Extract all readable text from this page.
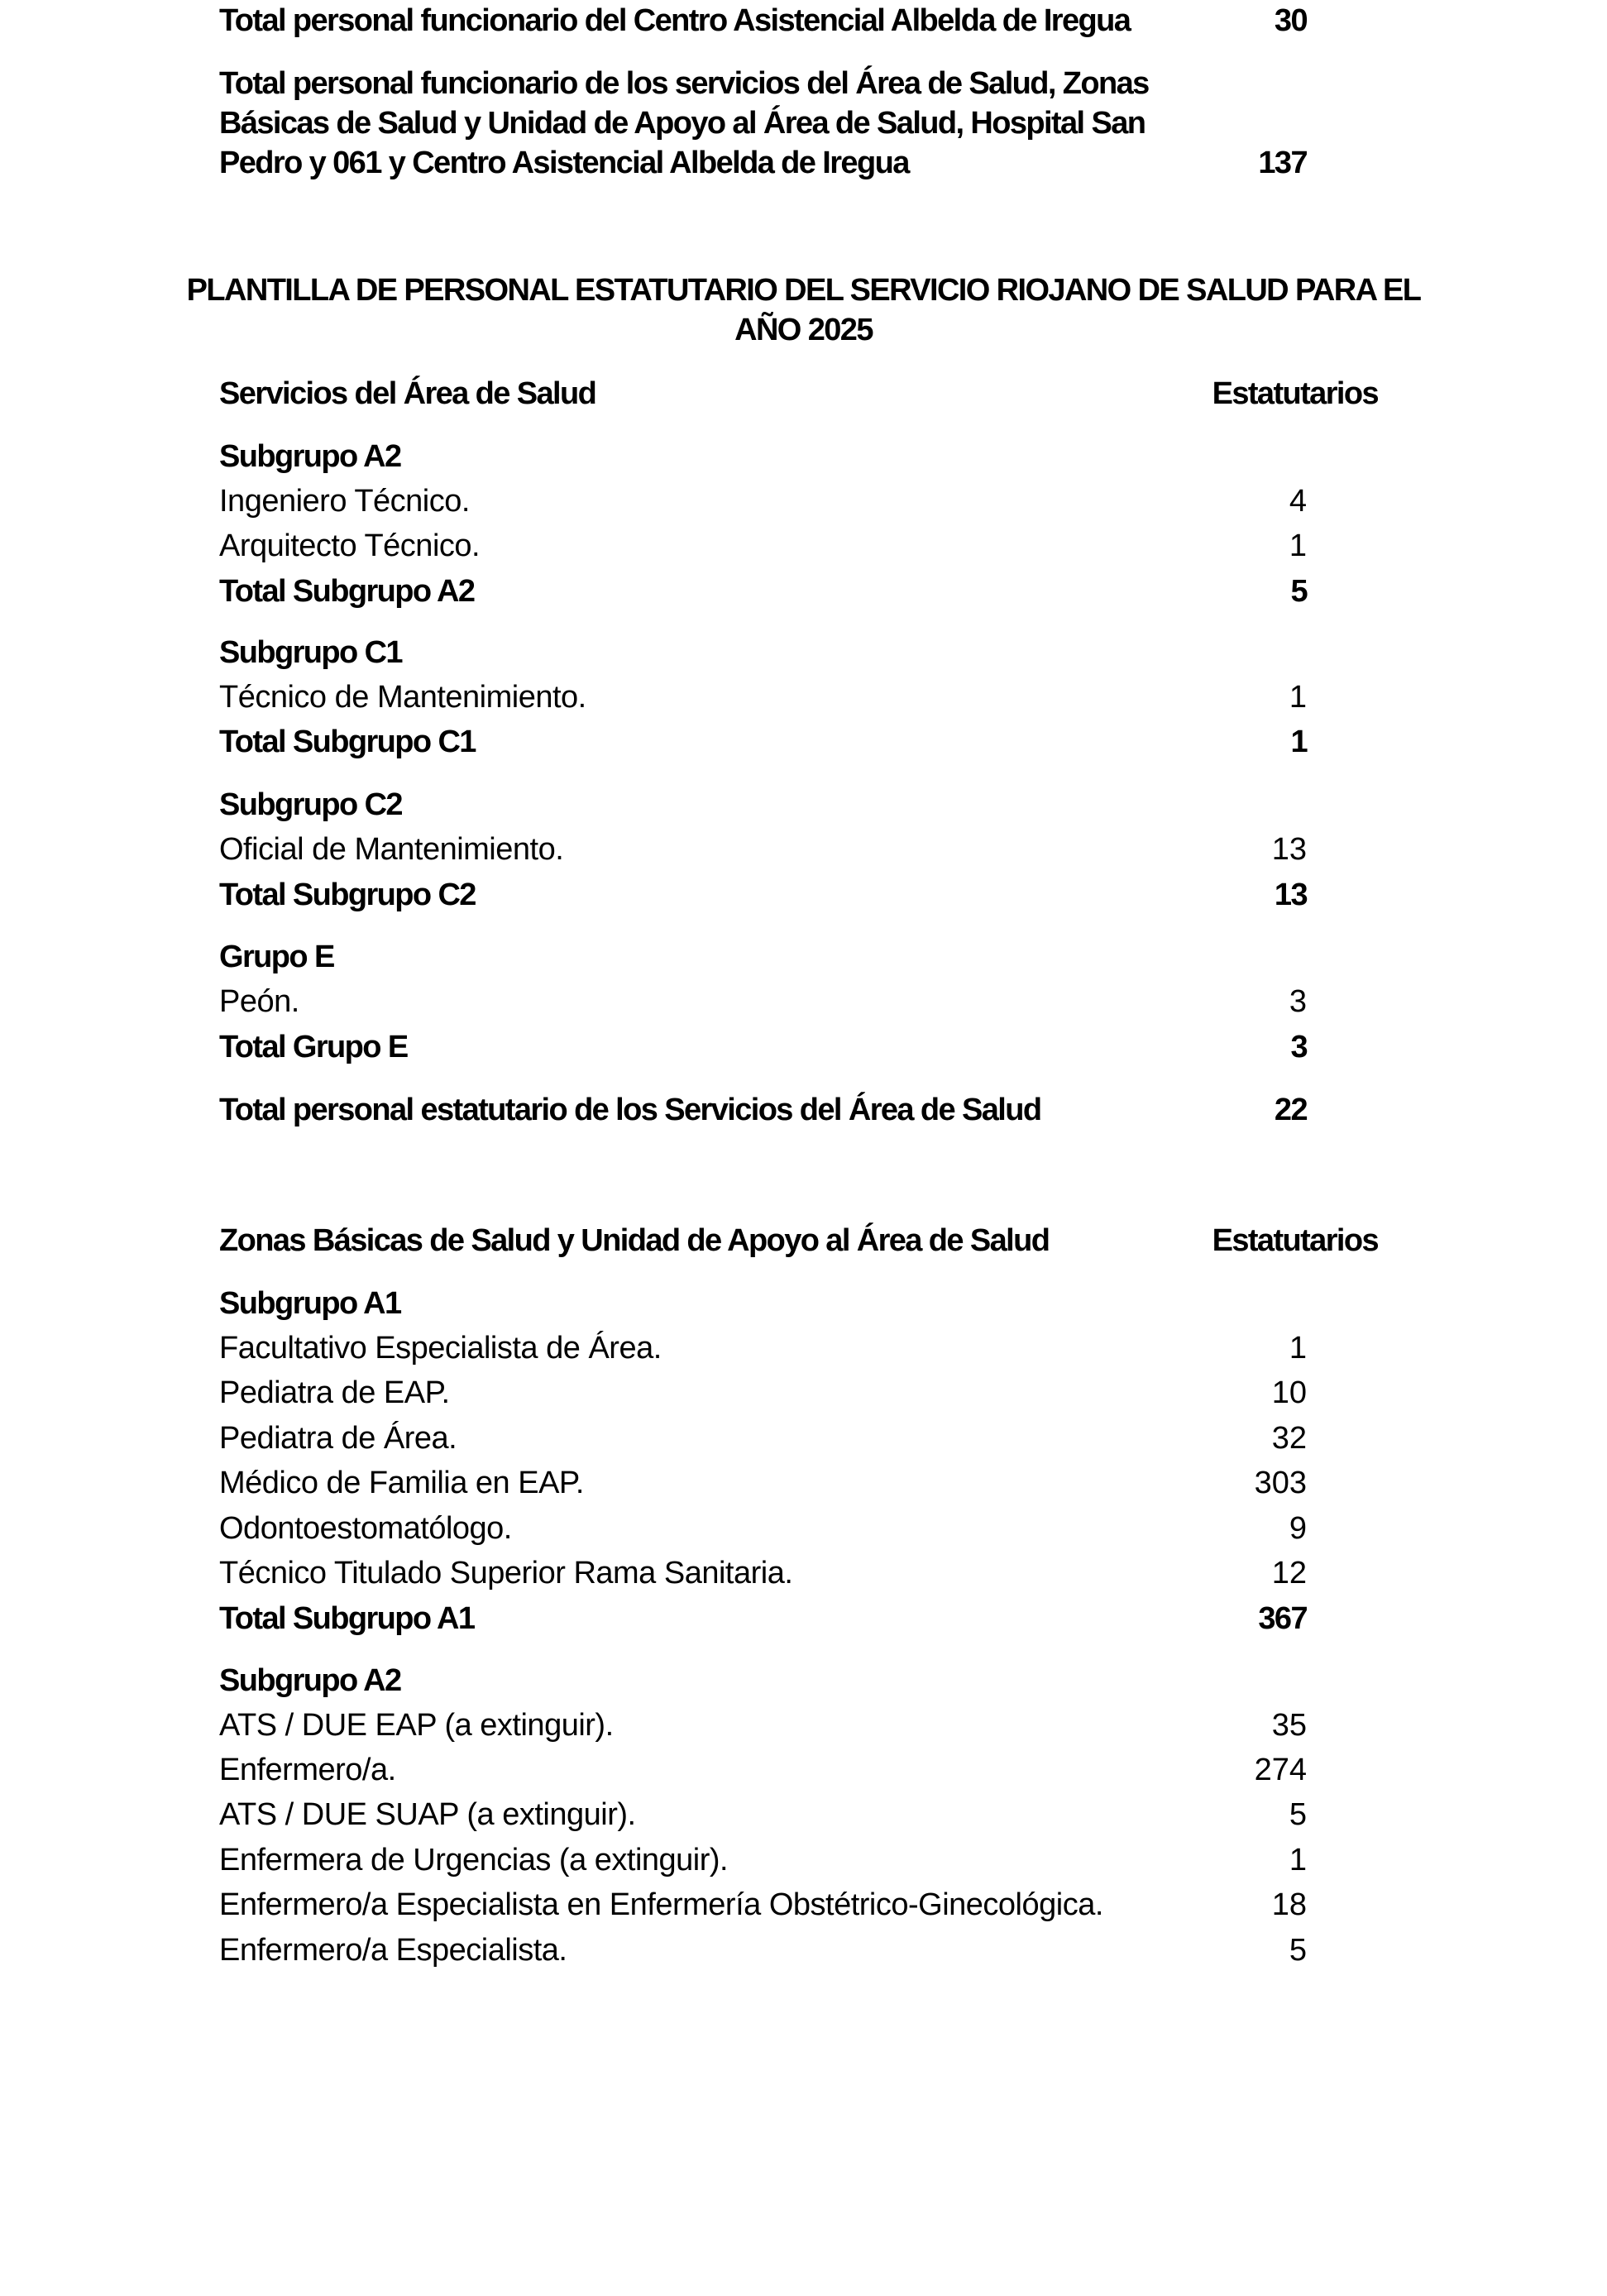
Total personal funcionario del Centro Asistencial Albelda de Iregua	30
Total personal funcionario de los servicios del Área de Salud, Zonas
Básicas de Salud y Unidad de Apoyo al Área de Salud, Hospital San
Pedro y 061 y Centro Asistencial Albelda de Iregua	137
PLANTILLA DE PERSONAL ESTATUTARIO DEL SERVICIO RIOJANO DE SALUD PARA EL
AÑO 2025
Servicios del Área de Salud	Estatutarios
Subgrupo A2
Ingeniero Técnico.	4
Arquitecto Técnico.	1
Total Subgrupo A2	5
Subgrupo C1
Técnico de Mantenimiento.	1
Total Subgrupo C1	1
Subgrupo C2
Oficial de Mantenimiento.	13
Total Subgrupo C2	13
Grupo E
Peón.	3
Total Grupo E	3
Total personal estatutario de los Servicios del Área de Salud	22
Zonas Básicas de Salud y Unidad de Apoyo al Área de Salud	Estatutarios
Subgrupo A1
Facultativo Especialista de Área.	1
Pediatra de EAP.	10
Pediatra de Área.	32
Médico de Familia en EAP.	303
Odontoestomatólogo.	9
Técnico Titulado Superior Rama Sanitaria.	12
Total Subgrupo A1	367
Subgrupo A2
ATS / DUE EAP (a extinguir).	35
Enfermero/a.	274
ATS / DUE SUAP (a extinguir).	5
Enfermera de Urgencias (a extinguir).	1
Enfermero/a Especialista en Enfermería Obstétrico-Ginecológica.	18
Enfermero/a Especialista.	5
